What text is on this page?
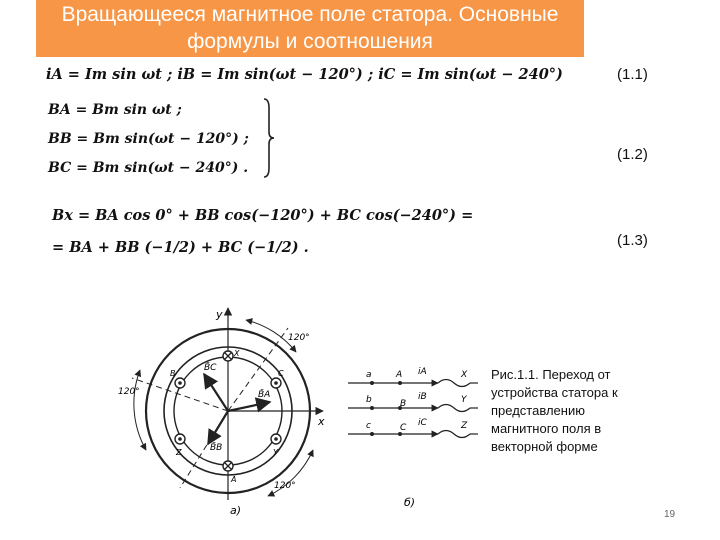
Вращающееся магнитное поле статора. Основные
формулы и соотношения
iA = Im sin ωt ; iB = Im sin(ωt − 120°) ; iC = Im sin(ωt − 240°)
BA = Bm sin ωt ;
BB = Bm sin(ωt − 120°) ;
BC = Bm sin(ωt − 240°) .
Bx = BA cos 0° + BB cos(−120°) + BC cos(−240°) =
= BA + BB (−1/2) + BC (−1/2) .
(1.1)
(1.2)
(1.3)
y
x
120°
120°
120°
B̄C
B̄A
B̄B
X
B	C
Z	Y
A
а)
a	A iA	X
b	B
iB	Y
c	C iC	Z
б)
Рис.1.1. Переход от
устройства статора к
представлению
магнитного поля в
векторной форме
19
